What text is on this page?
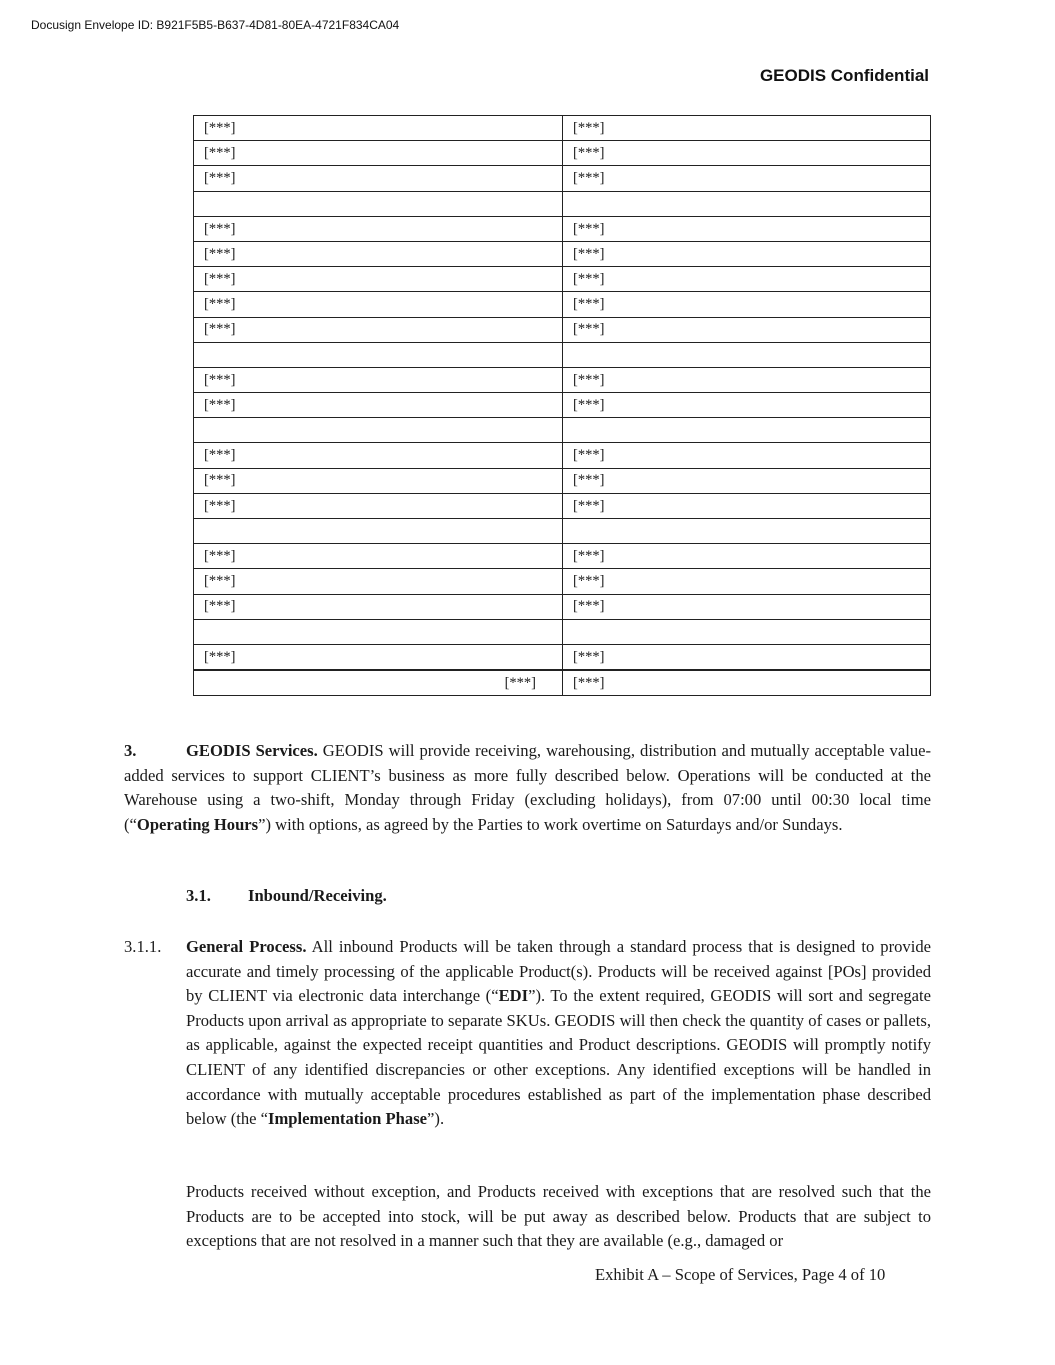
Docusign Envelope ID: B921F5B5-B637-4D81-80EA-4721F834CA04
GEODIS Confidential
[***]	[***]
[***]	[***]
[***]	[***]

[***]	[***]
[***]	[***]
[***]	[***]
[***]	[***]
[***]	[***]

[***]	[***]
[***]	[***]

[***]	[***]
[***]	[***]
[***]	[***]

[***]	[***]
[***]	[***]
[***]	[***]

[***]	[***]
[***]	[***]
3.	GEODIS Services. GEODIS will provide receiving, warehousing, distribution and mutually acceptable value-added services to support CLIENT’s business as more fully described below. Operations will be conducted at the Warehouse using a two-shift, Monday through Friday (excluding holidays), from 07:00 until 00:30 local time (“Operating Hours”) with options, as agreed by the Parties to work overtime on Saturdays and/or Sundays.
3.1. Inbound/Receiving.
3.1.1. General Process. All inbound Products will be taken through a standard process that is designed to provide accurate and timely processing of the applicable Product(s). Products will be received against [POs] provided by CLIENT via electronic data interchange (“EDI”). To the extent required, GEODIS will sort and segregate Products upon arrival as appropriate to separate SKUs. GEODIS will then check the quantity of cases or pallets, as applicable, against the expected receipt quantities and Product descriptions. GEODIS will promptly notify CLIENT of any identified discrepancies or other exceptions. Any identified exceptions will be handled in accordance with mutually acceptable procedures established as part of the implementation phase described below (the “Implementation Phase”).
Products received without exception, and Products received with exceptions that are resolved such that the Products are to be accepted into stock, will be put away as described below. Products that are subject to exceptions that are not resolved in a manner such that they are available (e.g., damaged or
Exhibit A – Scope of Services, Page 4 of 10
